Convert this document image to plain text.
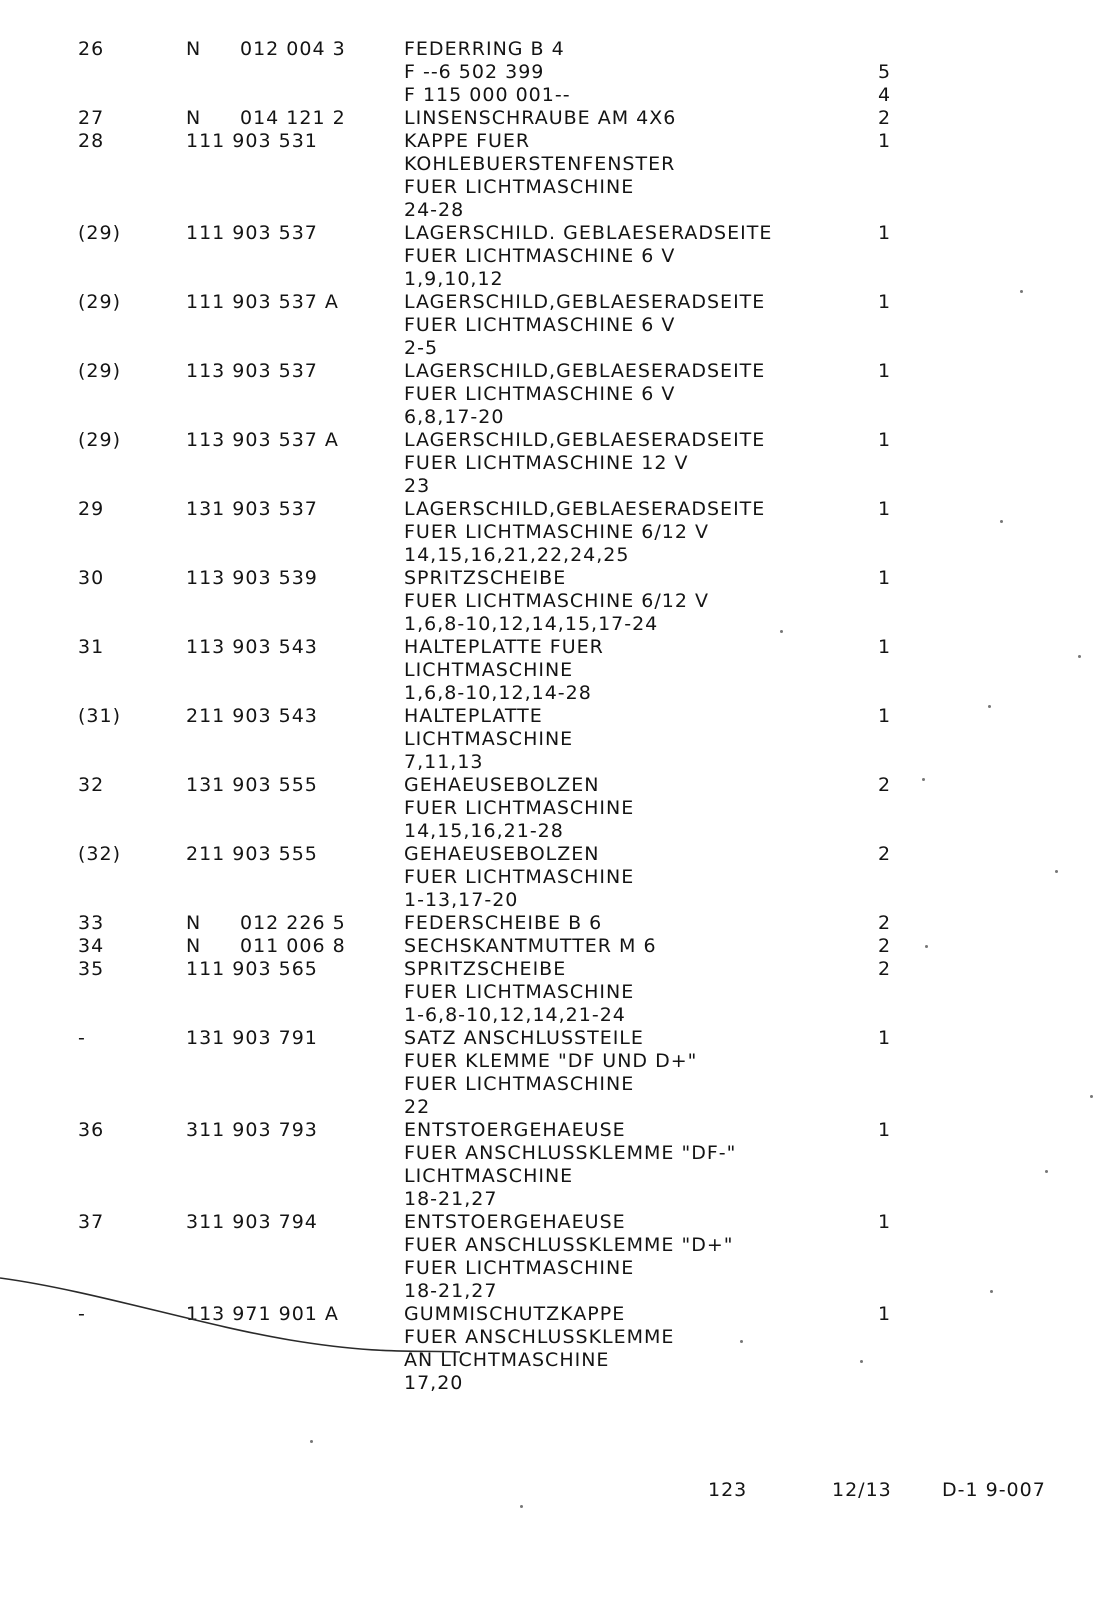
26	N 012 004 3	FEDERRING B 4
F --6 502 399	5
F 115 000 001--	4
27	N 014 121 2	LINSENSCHRAUBE AM 4X6	2
28	111 903 531	KAPPE FUER	1
KOHLEBUERSTENFENSTER
FUER LICHTMASCHINE
24-28
(29)	111 903 537	LAGERSCHILD. GEBLAESERADSEITE	1
FUER LICHTMASCHINE 6 V
1,9,10,12
(29)	111 903 537 A	LAGERSCHILD,GEBLAESERADSEITE	1
FUER LICHTMASCHINE 6 V
2-5
(29)	113 903 537	LAGERSCHILD,GEBLAESERADSEITE	1
FUER LICHTMASCHINE 6 V
6,8,17-20
(29)	113 903 537 A	LAGERSCHILD,GEBLAESERADSEITE	1
FUER LICHTMASCHINE 12 V
23
29	131 903 537	LAGERSCHILD,GEBLAESERADSEITE	1
FUER LICHTMASCHINE 6/12 V
14,15,16,21,22,24,25
30	113 903 539	SPRITZSCHEIBE	1
FUER LICHTMASCHINE 6/12 V
1,6,8-10,12,14,15,17-24
31	113 903 543	HALTEPLATTE FUER	1
LICHTMASCHINE
1,6,8-10,12,14-28
(31)	211 903 543	HALTEPLATTE	1
LICHTMASCHINE
7,11,13
32	131 903 555	GEHAEUSEBOLZEN	2
FUER LICHTMASCHINE
14,15,16,21-28
(32)	211 903 555	GEHAEUSEBOLZEN	2
FUER LICHTMASCHINE
1-13,17-20
33	N 012 226 5	FEDERSCHEIBE B 6	2
34	N 011 006 8	SECHSKANTMUTTER M 6	2
35	111 903 565	SPRITZSCHEIBE	2
FUER LICHTMASCHINE
1-6,8-10,12,14,21-24
-	131 903 791	SATZ ANSCHLUSSTEILE	1
FUER KLEMME "DF UND D+"
FUER LICHTMASCHINE
22
36	311 903 793	ENTSTOERGEHAEUSE	1
FUER ANSCHLUSSKLEMME "DF-"
LICHTMASCHINE
18-21,27
37	311 903 794	ENTSTOERGEHAEUSE	1
FUER ANSCHLUSSKLEMME "D+"
FUER LICHTMASCHINE
18-21,27
-	113 971 901 A	GUMMISCHUTZKAPPE	1
FUER ANSCHLUSSKLEMME
AN LICHTMASCHINE
17,20
123	12/13	D-1 9-007
